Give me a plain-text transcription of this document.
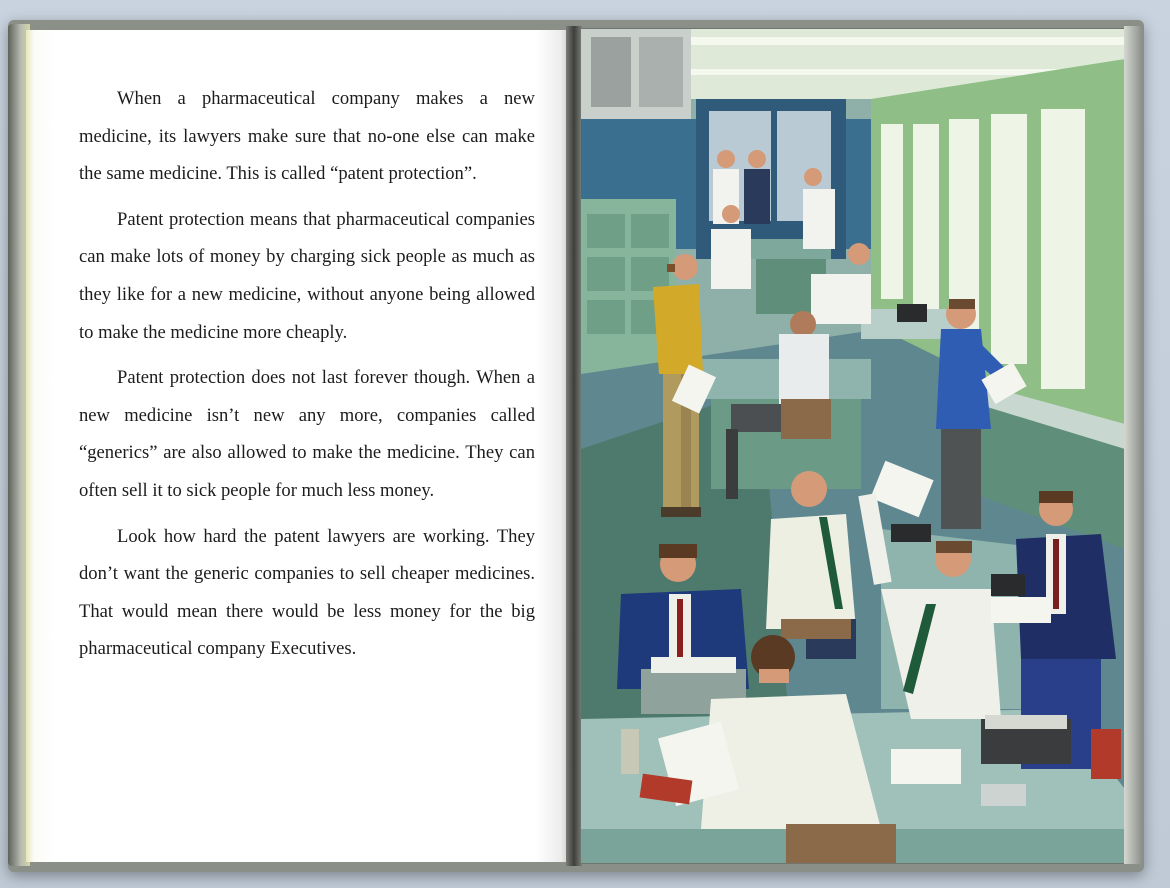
When a pharmaceutical company makes a new medicine, its lawyers make sure that no-one else can make the same medicine. This is called “patent protection”.

Patent protection means that pharmaceutical companies can make lots of money by charging sick people as much as they like for a new medicine, without anyone being allowed to make the medicine more cheaply.

Patent protection does not last forever though. When a new medicine isn’t new any more, companies called “generics” are also allowed to make the medicine. They can often sell it to sick people for much less money.

Look how hard the patent lawyers are working. They don’t want the generic companies to sell cheaper medicines. That would mean there would be less money for the big pharmaceutical company Executives.
